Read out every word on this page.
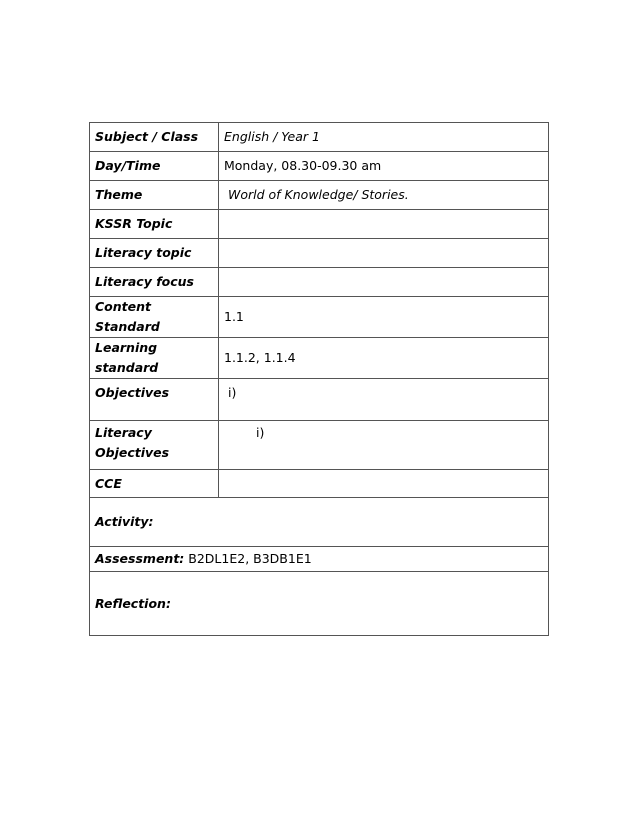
Subject / Class	English / Year 1
Day/Time	Monday, 08.30-09.30 am
Theme	World of Knowledge/ Stories.
KSSR Topic	
Literacy topic	
Literacy focus	
Content Standard	1.1
Learning standard	1.1.2, 1.1.4
Objectives	i)

Literacy
Objectives	i)
CCE	
Activity:	
Assessment: B2DL1E2, B3DB1E1	
Reflection:	
